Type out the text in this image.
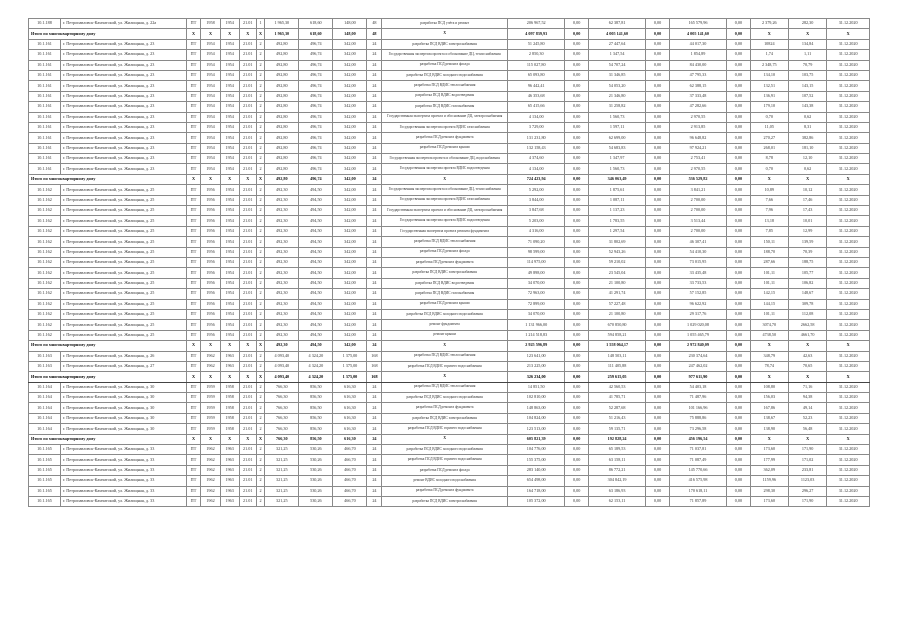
10.1.188	г. Петропавловск-Камчатский, ул. Жилищная, д. 22а	ПТ	1958	1954	21.01	1	1 965,30	618,60	148,00	48	разработка ПСД учёта и ремонт	206 967,52	0,00	62 387,81	0,00	165 579,96	0,00	2 379,26	282,30	31.12.2020
Итого по многоквартирному дому		Х	Х	Х	Х	Х	1 965,30	618,60	148,00	48	Х	4 097 839,93	0,00	4 005 141,60	0,00	4 005 141,60	0,00	Х	Х	Х
10.1.161	г. Петропавловск-Камчатский, ул. Жилищная, д. 23	ПТ	1954	1954	21.01	2	492,80	496,74	342,00	24	разработка ПСД ВДИС электроснабжения	51 245,80	0,00	27 447,64	0,00	44 017,30	0,00	10824	134,84	31.12.2020
10.1.161	г. Петропавловск-Камчатский, ул. Жилищная, д. 23	ПТ	1954	1954	21.01	2	492,80	496,74	342,00	24	Государственная экспертиза проекта и обоснование ДЦ, теплоснабжения	2 850,30	0,00	1 347,54	0,00	1 854,89	0,00	1,74	1,11	31.12.2020
10.1.161	г. Петропавловск-Камчатский, ул. Жилищная, д. 23	ПТ	1954	1954	21.01	2	492,80	496,74	342,00	24	разработка ПСД ремонта фасада	115 027,80	0,00	54 707,24	0,00	84 430,00	0,00	2 348,75	70,79	31.12.2020
10.1.161	г. Петропавловск-Камчатский, ул. Жилищная, д. 23	ПТ	1954	1954	21.01	2	492,80	496,74	342,00	24	разработка ПСД ВДИС холодного водоснабжения	65 093,80	0,00	31 346,85	0,00	47 795,33	0,00	134,10	103,75	31.12.2020
10.1.161	г. Петропавловск-Камчатский, ул. Жилищная, д. 23	ПТ	1954	1954	21.01	2	492,80	496,74	342,00	24	разработка ПСД ВДИС теплоснабжения	96 442,41	0,00	54 053,20	0,00	62 388,15	0,00	132,51	143,15	31.12.2020
10.1.161	г. Петропавловск-Камчатский, ул. Жилищная, д. 23	ПТ	1954	1954	21.01	2	492,80	496,74	342,00	24	разработка ПСД ВДИС водоотведения	46 353,68	0,00	21 346,80	0,00	37 333,48	0,00	136,91	107,52	31.12.2020
10.1.161	г. Петропавловск-Камчатский, ул. Жилищная, д. 23	ПТ	1954	1954	21.01	2	492,80	496,74	342,00	24	разработка ПСД ВДИС газоснабжения	65 415,66	0,00	31 258,82	0,00	47 282,66	0,00	179,10	143,38	31.12.2020
10.1.161	г. Петропавловск-Камчатский, ул. Жилищная, д. 23	ПТ	1954	1954	21.01	2	492,80	496,74	342,00	24	Государственная экспертиза проекта и обоснование ДЦ, электроснабжения	4 134,00	0,00	1 560,73	0,00	2 970,55	0,00	0,70	0,62	31.12.2020
10.1.161	г. Петропавловск-Камчатский, ул. Жилищная, д. 23	ПТ	1954	1954	21.01	2	492,80	496,74	342,00	24	Государственная экспертиза проекта ВДИС газоснабжения	3 729,00	0,00	1 597,11	0,00	2 913,85	0,00	11,05	8,31	31.12.2020
10.1.161	г. Петропавловск-Камчатский, ул. Жилищная, д. 23	ПТ	1954	1954	21.01	2	492,80	496,74	342,00	24	разработка ПСД ремонта фундамента	131 231,80	0,00	62 699,00	0,00	96 648,82	0,00	270,27	​382,86	31.12.2020
10.1.161	г. Петропавловск-Камчатский, ул. Жилищная, д. 23	ПТ	1954	1954	21.01	2	492,80	496,74	342,00	24	разработка ПСД ремонта крыши	132 158,43	0,00	54 683,83	0,00	97 924,21	0,00	268,01	181,10	31.12.2020
10.1.161	г. Петропавловск-Камчатский, ул. Жилищная, д. 23	ПТ	1954	1954	21.01	2	492,80	496,74	342,00	24	Государственная экспертиза проекта и обоснование ДЦ, водоснабжения	4 374,60	0,00	1 347,97	0,00	2 753,41	0,00	8,78	12,10	31.12.2020
10.1.161	г. Петропавловск-Камчатский, ул. Жилищная, д. 23	ПТ	1954	1954	21.01	2	492,80	496,74	342,00	24	Государственная экспертиза проекта ВДИС водоотведения	4 134,00	0,00	1 560,73	0,00	2 970,55	0,00	0,70	0,62	31.12.2020
Итого по многоквартирному дому		Х	Х	Х	Х	Х	492,80	496,74	342,00	24	Х	724 423,94	0,00	346 063,49	0,00	536 529,82	0,00	Х	Х	Х
10.1.162	г. Петропавловск-Камчатский, ул. Жилищная, д. 25	ПТ	1956	1954	21.01	2	492,30	494,50	342,00	24	Государственная экспертиза проекта и обоснование ДЦ, теплоснабжения	5 292,00	0,00	1 875,61	0,00	3 841,21	0,00	10,89	10,12	31.12.2020
10.1.162	г. Петропавловск-Камчатский, ул. Жилищная, д. 25	ПТ	1956	1954	21.01	2	492,30	494,50	342,00	24	Государственная экспертиза проекта ВДИС газоснабжения	3 844,00	0,00	1 087,11	0,00	2 700,00	0,00	7,66	17,46	31.12.2020
10.1.162	г. Петропавловск-Камчатский, ул. Жилищная, д. 25	ПТ	1956	1954	21.01	2	492,30	494,50	342,00	24	Государственная экспертиза проекта и обоснование ДЦ, электроснабжения	3 847,68	0,00	1 137,23	0,00	2 700,00	0,00	7,96	17,43	31.12.2020
10.1.162	г. Петропавловск-Камчатский, ул. Жилищная, д. 25	ПТ	1956	1954	21.01	2	492,30	494,50	342,00	24	Государственная экспертиза проекта ВДИС водоотведения	5 203,00	0,00	1 783,55	0,00	3 513,44	0,00	13,18	10,01	31.12.2020
10.1.162	г. Петропавловск-Камчатский, ул. Жилищная, д. 25	ПТ	1956	1954	21.01	2	492,30	494,50	342,00	24	Государственная экспертиза проекта ремонта фундамента	4 316,00	0,00	1 297,54	0,00	2 700,00	0,00	7,85	12,99	31.12.2020
10.1.162	г. Петропавловск-Камчатский, ул. Жилищная, д. 25	ПТ	1956	1954	21.01	2	492,30	494,50	342,00	24	разработка ПСД ВДИС теплоснабжения	71 090,20	0,00	31 802,69	0,00	46 307,41	0,00	150,11	139,59	31.12.2020
10.1.162	г. Петропавловск-Камчатский, ул. Жилищная, д. 25	ПТ	1956	1954	21.01	2	492,30	494,50	342,00	24	разработка ПСД ремонта фасада	98 599,00	0,00	52 943,26	0,00	54 410,30	0,00	188,70	70,39	31.12.2020
10.1.162	г. Петропавловск-Камчатский, ул. Жилищная, д. 25	ПТ	1956	1954	21.01	2	492,30	494,50	342,00	24	разработка ПСД ремонта фундамента	114 975,00	0,00	59 210,02	0,00	73 015,95	0,00	287,66	188,75	31.12.2020
10.1.162	г. Петропавловск-Камчатский, ул. Жилищная, д. 25	ПТ	1956	1954	21.01	2	492,30	494,50	342,00	24	разработка ПСД ВДИС электроснабжения	49 898,00	0,00	23 545,04	0,00	33 435,48	0,00	101,11	105,77	31.12.2020
10.1.162	г. Петропавловск-Камчатский, ул. Жилищная, д. 25	ПТ	1956	1954	21.01	2	492,30	494,50	342,00	24	разработка ПСД ВДИС водоотведения	34 070,00	0,00	21 100,80	0,00	33 733,53	0,00	101,11	106,82	31.12.2020
10.1.162	г. Петропавловск-Камчатский, ул. Жилищная, д. 25	ПТ	1956	1954	21.01	2	492,30	494,50	342,00	24	разработка ПСД ВДИС газоснабжения	72 963,00	0,00	41 291,74	0,00	57 152,85	0,00	142,15	148,67	31.12.2020
10.1.162	г. Петропавловск-Камчатский, ул. Жилищная, д. 25	ПТ	1956	1954	21.01	2	492,30	494,50	342,00	24	разработка ПСД ремонта крыши	72 899,00	0,00	57 227,48	0,00	96 622,92	0,00	144,15	309,78	31.12.2020
10.1.162	г. Петропавловск-Камчатский, ул. Жилищная, д. 25	ПТ	1956	1954	21.01	2	492,30	494,50	342,00	24	разработка ПСД ВДИС холодного водоснабжения	34 070,00	0,00	21 100,80	0,00	29 317,76	0,00	101,11	112,08	31.12.2020
10.1.162	г. Петропавловск-Камчатский, ул. Жилищная, д. 25	ПТ	1956	1954	21.01	2	492,30	494,50	342,00	24	ремонт фундамента	1 131 966,00	0,00	670 850,80	0,00	1 029 020,08	0,00	3074,70	2662,58	31.12.2020
10.1.162	г. Петропавловск-Камчатский, ул. Жилищная, д. 25	ПТ	1956	1954	21.01	2	492,30	494,50	342,00	24	ремонт крыши	1 214 518,83	0,00	594 858,21	0,00	1 055 465,79	0,00	4738,50	4661,70	31.12.2020
Итого по многоквартирному дому		Х	Х	Х	Х	Х	492,30	494,50	342,00	24	Х	2 925 596,89	0,00	1 558 064,17	0,00	2 972 840,09	0,00	Х	Х	Х
10.1.163	г. Петропавловск-Камчатский, ул. Жилищная, д. 26	ПТ	1962	1963	21.01	2	4 093,40	4 324,20	1 375,00	168	разработка ПСД ВДИС теплоснабжения	123 641,00	0,00	148 503,11	0,00	230 374,64	0,00	348,79	42,63	31.12.2020
10.1.163	г. Петропавловск-Камчатский, ул. Жилищная, д. 27	ПТ	1962	1963	21.01	2	4 093,40	4 324,20	1 375,00	168	разработка ПСД ВДИС горячего водоснабжения	213 225,00	0,00	111 405,88	0,00	247 462,02	0,00	78,74	70,65	31.12.2020
Итого по многоквартирному дому		Х	Х	Х	Х	Х	4 093,40	4 324,20	1 375,00	168	Х	326 234,00	0,00	259 615,05	0,00	977 611,90	0,00	Х	Х	Х
10.1.164	г. Петропавловск-Камчатский, ул. Жилищная, д. 30	ПТ	1959	1958	21.01	2	766,30	856,50	616,30	24	разработка ПСД ВДИС теплоснабжения	14 851,50	0,00	42 560,53	0,00	54 403,18	0,00	108,80	71,16	31.12.2020
10.1.164	г. Петропавловск-Камчатский, ул. Жилищная, д. 30	ПТ	1959	1958	21.01	2	766,30	856,50	616,30	24	разработка ПСД ВДИС холодного водоснабжения	102 810,00	0,00	41 785,71	0,00	71 487,96	0,00	156,03	94,38	31.12.2020
10.1.164	г. Петропавловск-Камчатский, ул. Жилищная, д. 30	ПТ	1959	1958	21.01	2	766,30	856,50	616,30	24	разработка ПСД ремонта фундамента	148 863,00	0,00	52 287,68	0,00	101 166,96	0,00	167,86	49,14	31.12.2020
10.1.164	г. Петропавловск-Камчатский, ул. Жилищная, д. 30	ПТ	1959	1958	21.01	2	766,30	856,50	616,30	24	разработка ПСД ВДИС электроснабжения	104 824,00	0,00	51 216,43	0,00	75 888,86	0,00	138,67	52,23	31.12.2020
10.1.164	г. Петропавловск-Камчатский, ул. Жилищная, д. 30	ПТ	1959	1958	21.01	2	766,30	856,50	616,30	24	разработка ПСД ВДИС горячего водоснабжения	123 513,00	0,00	59 135,71	0,00	73 296,58	0,00	138,90	56,48	31.12.2020
Итого по многоквартирному дому		Х	Х	Х	Х	Х	766,30	856,50	616,30	24	Х	605 821,39	0,00	192 828,24	0,00	456 196,54	0,00	Х	Х	Х
10.1.165	г. Петропавловск-Камчатский, ул. Жилищная, д. 33	ПТ	1962	1963	21.01	2	321,25	530,26	466,70	24	разработка ПСД ВДИС холодного водоснабжения	104 776,00	0,00	65 189,53	0,00	71 037,81	0,00	173,60	171,90	31.12.2020
10.1.165	г. Петропавловск-Камчатский, ул. Жилищная, д. 33	ПТ	1962	1963	21.01	2	321,25	530,26	466,70	24	разработка ПСД ВДИС горячего водоснабжения	155 375,00	0,00	63 158,11	0,00	71 087,49	0,00	177,99	171,02	31.12.2020
10.1.165	г. Петропавловск-Камчатский, ул. Жилищная, д. 33	ПТ	1962	1963	21.01	2	321,25	530,26	466,70	24	разработка ПСД ремонта фасада	283 140,00	0,00	86 772,21	0,00	145 770,66	0,00	362,09	233,81	31.12.2020
10.1.165	г. Петропавловск-Камчатский, ул. Жилищная, д. 33	ПТ	1962	1963	21.01	2	321,25	530,26	466,70	24	ремонт ВДИС холодного водоснабжения	654 498,00	0,00	304 842,19	0,00	416 575,98	0,00	1159,96	1123,03	31.12.2020
10.1.165	г. Петропавловск-Камчатский, ул. Жилищная, д. 33	ПТ	1962	1963	21.01	2	321,25	530,26	466,70	24	разработка ПСД ремонта фундамента	164 718,00	0,00	63 186,93	0,00	170 618,11	0,00	298,30	296,27	31.12.2020
10.1.165	г. Петропавловск-Камчатский, ул. Жилищная, д. 33	ПТ	1962	1963	21.01	2	321,25	530,26	466,70	24	разработка ПСД ВДИС электроснабжения	105 372,00	0,00	62 153,11	0,00	71 857,89	0,00	173,60	171,90	31.12.2020
